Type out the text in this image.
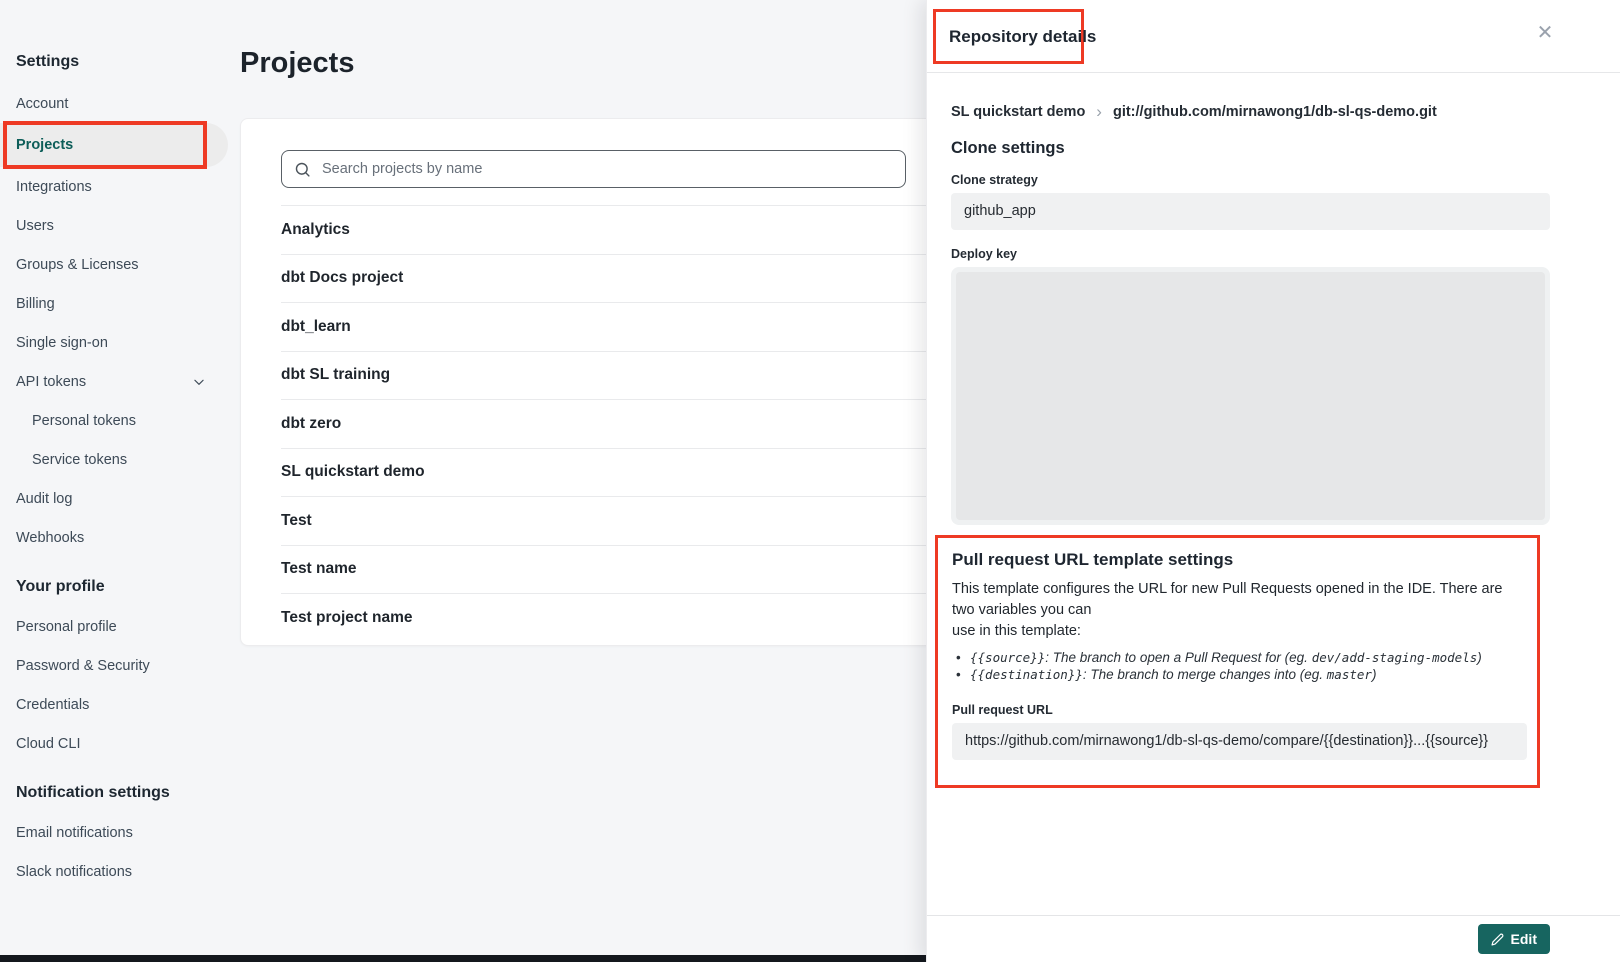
Settings
Account
Projects
Integrations
Users
Groups & Licenses
Billing
Single sign-on
API tokens
Personal tokens
Service tokens
Audit log
Webhooks
Your profile
Personal profile
Password & Security
Credentials
Cloud CLI
Notification settings
Email notifications
Slack notifications
Projects
Search projects by name
Analytics
dbt Docs project
dbt_learn
dbt SL training
dbt zero
SL quickstart demo
Test
Test name
Test project name
Repository details	✕
SL quickstart demo › git://github.com/mirnawong1/db-sl-qs-demo.git
Clone settings
Clone strategy
github_app
Deploy key
Pull request URL template settings
This template configures the URL for new Pull Requests opened in the IDE. There are two variables you can
use in this template:
• {{source}}: The branch to open a Pull Request for (eg. dev/add-staging-models)
• {{destination}}: The branch to merge changes into (eg. master)
Pull request URL
https://github.com/mirnawong1/db-sl-qs-demo/compare/{{destination}}...{{source}}
Edit
